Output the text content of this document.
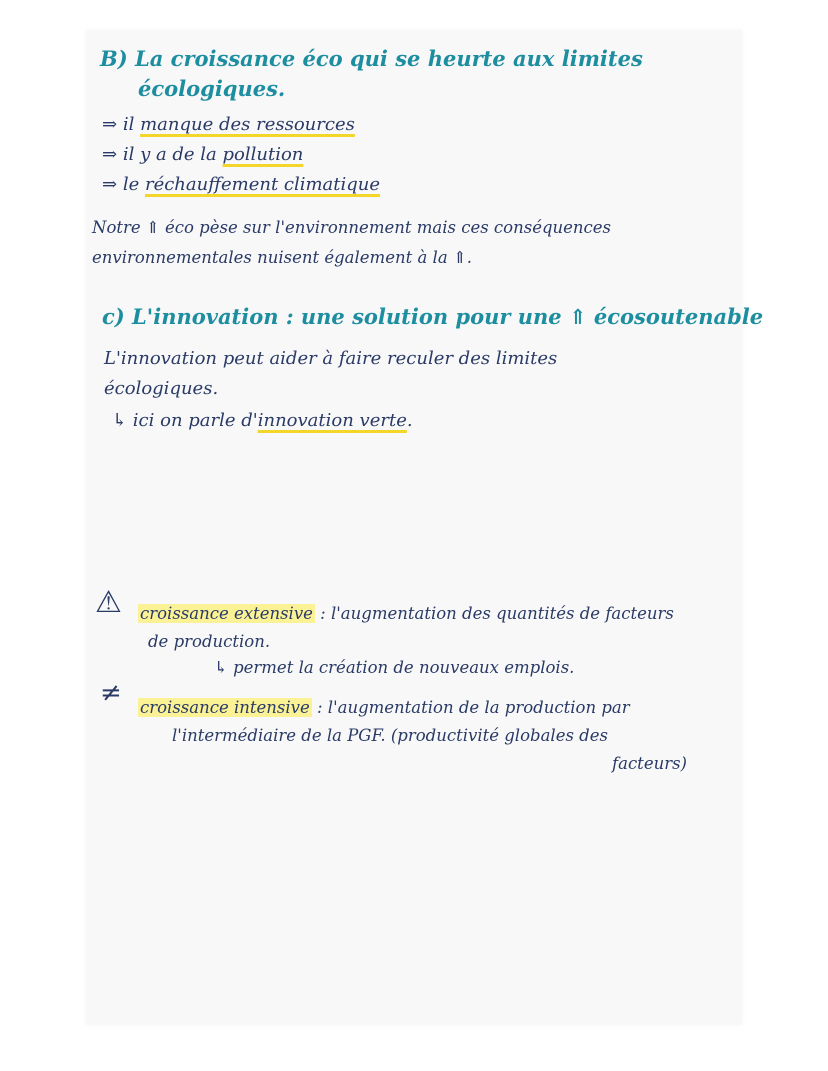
B) La croissance éco qui se heurte aux limites
écologiques.
⇒ il manque des ressources
⇒ il y a de la pollution
⇒ le réchauffement climatique
Notre ⇑ éco pèse sur l'environnement mais ces conséquences
environnementales nuisent également à la ⇑.
c) L'innovation : une solution pour une ⇑ écosoutenable
L'innovation peut aider à faire reculer des limites
écologiques.
↳ ici on parle d'innovation verte.
⚠ croissance extensive : l'augmentation des quantités de facteurs
de production.
↳ permet la création de nouveaux emplois.
≠ croissance intensive : l'augmentation de la production par
l'intermédiaire de la PGF. (productivité globales des
facteurs)
